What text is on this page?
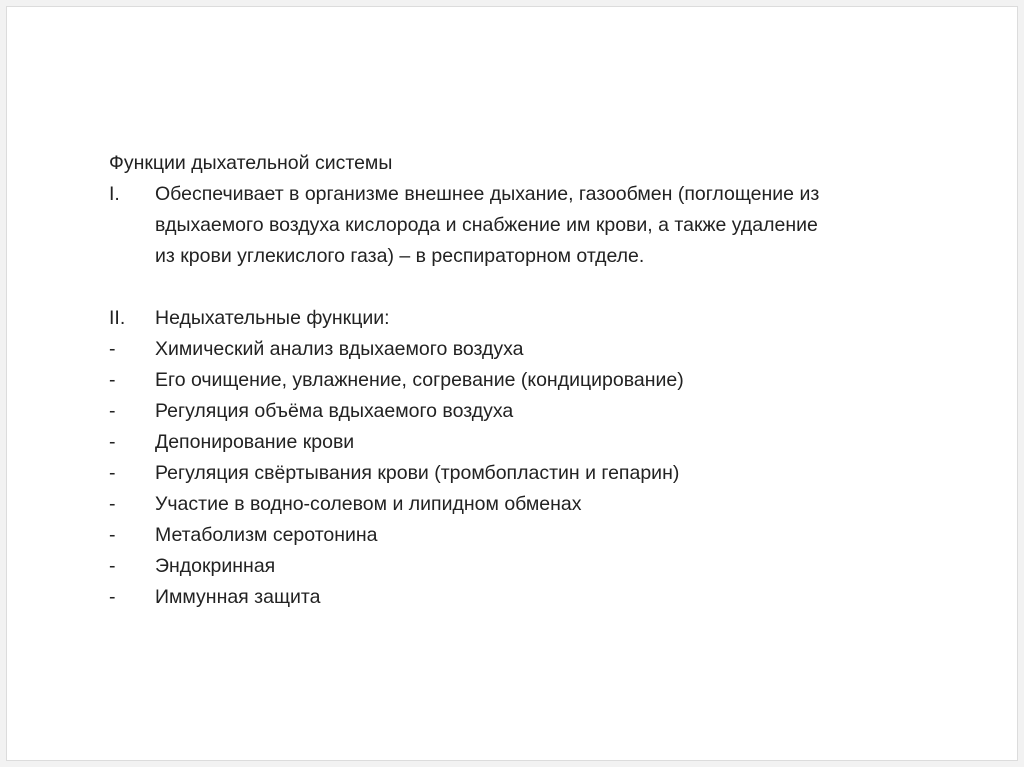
Функции дыхательной системы
I.	Обеспечивает в организме внешнее дыхание, газообмен (поглощение из
вдыхаемого воздуха кислорода и снабжение им крови, а также удаление
из крови углекислого газа) – в респираторном отделе.
II.	Недыхательные функции:
-	Химический анализ вдыхаемого воздуха
-	Его очищение, увлажнение, согревание (кондицирование)
-	Регуляция объёма вдыхаемого воздуха
-	Депонирование крови
-	Регуляция свёртывания крови (тромбопластин и гепарин)
-	Участие в водно-солевом и липидном обменах
-	Метаболизм серотонина
-	Эндокринная
-	Иммунная защита
